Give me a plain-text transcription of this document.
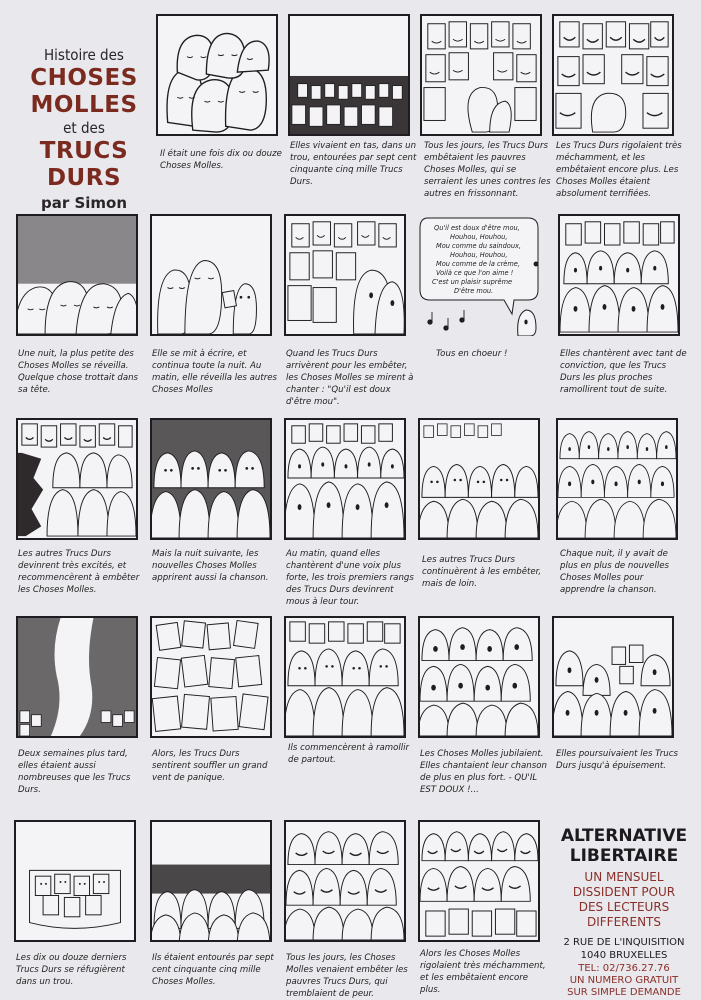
Histoire des
CHOSES MOLLES
et des
TRUCS DURS
par Simon
Il était une fois dix ou douze Choses Molles.
Elles vivaient en tas, dans un trou, entourées par sept cent cinquante cinq mille Trucs Durs.
Tous les jours, les Trucs Durs embêtaient les pauvres Choses Molles, qui se serraient les unes contres les autres en frissonnant.
Les Trucs Durs rigolaient très méchamment, et les embêtaient encore plus. Les Choses Molles étaient absolument terrifiées.
Une nuit, la plus petite des Choses Molles se réveilla. Quelque chose trottait dans sa tête.
Elle se mit à écrire, et continua toute la nuit. Au matin, elle réveilla les autres Choses Molles
Quand les Trucs Durs arrivèrent pour les embêter, les Choses Molles se mirent à chanter : "Qu'il est doux d'être mou".
Qu'il est doux d'être mou,
Houhou, Houhou,
Mou comme du saindoux,
Houhou, Houhou,
Mou comme de la crème,
Voilà ce que l'on aime !
C'est un plaisir suprême
D'être mou.
Tous en choeur !	Elles chantèrent avec tant de conviction, que les Trucs Durs les plus proches ramollirent tout de suite.
Les autres Trucs Durs devinrent très excités, et recommencèrent à embêter les Choses Molles.
Mais la nuit suivante, les nouvelles Choses Molles apprirent aussi la chanson.
Au matin, quand elles chantèrent d'une voix plus forte, les trois premiers rangs des Trucs Durs devinrent mous à leur tour.
Les autres Trucs Durs continuèrent à les embêter, mais de loin.
Chaque nuit, il y avait de plus en plus de nouvelles Choses Molles pour apprendre la chanson.
Deux semaines plus tard, elles étaient aussi nombreuses que les Trucs Durs.
Alors, les Trucs Durs sentirent souffler un grand vent de panique.
Ils commencèrent à ramollir de partout.
Les Choses Molles jubilaient. Elles chantaient leur chanson de plus en plus fort. - QU'IL EST DOUX !...
Elles poursuivaient les Trucs Durs jusqu'à épuisement.
Les dix ou douze derniers Trucs Durs se réfugièrent dans un trou.
Ils étaient entourés par sept cent cinquante cinq mille Choses Molles.
Tous les jours, les Choses Molles venaient embêter les pauvres Trucs Durs, qui tremblaient de peur.
Alors les Choses Molles rigolaient très méchamment, et les embêtaient encore plus.
ALTERNATIVE
LIBERTAIRE
UN MENSUEL
DISSIDENT POUR
DES LECTEURS
DIFFERENTS
2 RUE DE L'INQUISITION
1040 BRUXELLES
TEL: 02/736.27.76
UN NUMERO GRATUIT
SUR SIMPLE DEMANDE
